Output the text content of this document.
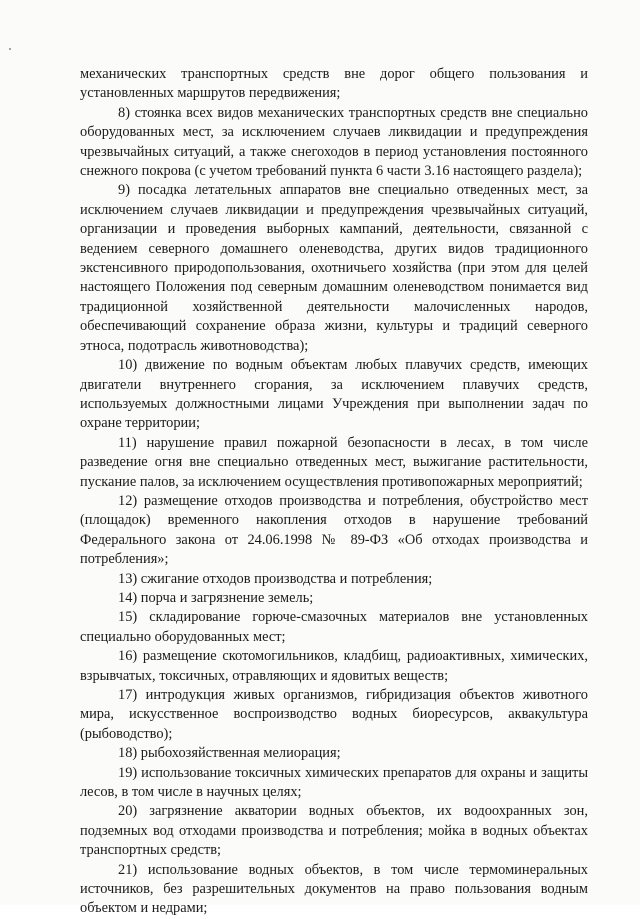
механических транспортных средств вне дорог общего пользования и установленных маршрутов передвижения;

8) стоянка всех видов механических транспортных средств вне специально оборудованных мест, за исключением случаев ликвидации и предупреждения чрезвычайных ситуаций, а также снегоходов в период установления постоянного снежного покрова (с учетом требований пункта 6 части 3.16 настоящего раздела);

9) посадка летательных аппаратов вне специально отведенных мест, за исключением случаев ликвидации и предупреждения чрезвычайных ситуаций, организации и проведения выборных кампаний, деятельности, связанной с ведением северного домашнего оленеводства, других видов традиционного экстенсивного природопользования, охотничьего хозяйства (при этом для целей настоящего Положения под северным домашним оленеводством понимается вид традиционной хозяйственной деятельности малочисленных народов, обеспечивающий сохранение образа жизни, культуры и традиций северного этноса, подотрасль животноводства);

10) движение по водным объектам любых плавучих средств, имеющих двигатели внутреннего сгорания, за исключением плавучих средств, используемых должностными лицами Учреждения при выполнении задач по охране территории;

11) нарушение правил пожарной безопасности в лесах, в том числе разведение огня вне специально отведенных мест, выжигание растительности, пускание палов, за исключением осуществления противопожарных мероприятий;

12) размещение отходов производства и потребления, обустройство мест (площадок) временного накопления отходов в нарушение требований Федерального закона от 24.06.1998 № 89-ФЗ «Об отходах производства и потребления»;

13) сжигание отходов производства и потребления;

14) порча и загрязнение земель;

15) складирование горюче-смазочных материалов вне установленных специально оборудованных мест;

16) размещение скотомогильников, кладбищ, радиоактивных, химических, взрывчатых, токсичных, отравляющих и ядовитых веществ;

17) интродукция живых организмов, гибридизация объектов животного мира, искусственное воспроизводство водных биоресурсов, аквакультура (рыбоводство);

18) рыбохозяйственная мелиорация;

19) использование токсичных химических препаратов для охраны и защиты лесов, в том числе в научных целях;

20) загрязнение акватории водных объектов, их водоохранных зон, подземных вод отходами производства и потребления; мойка в водных объектах транспортных средств;

21) использование водных объектов, в том числе термоминеральных источников, без разрешительных документов на право пользования водным объектом и недрами;
